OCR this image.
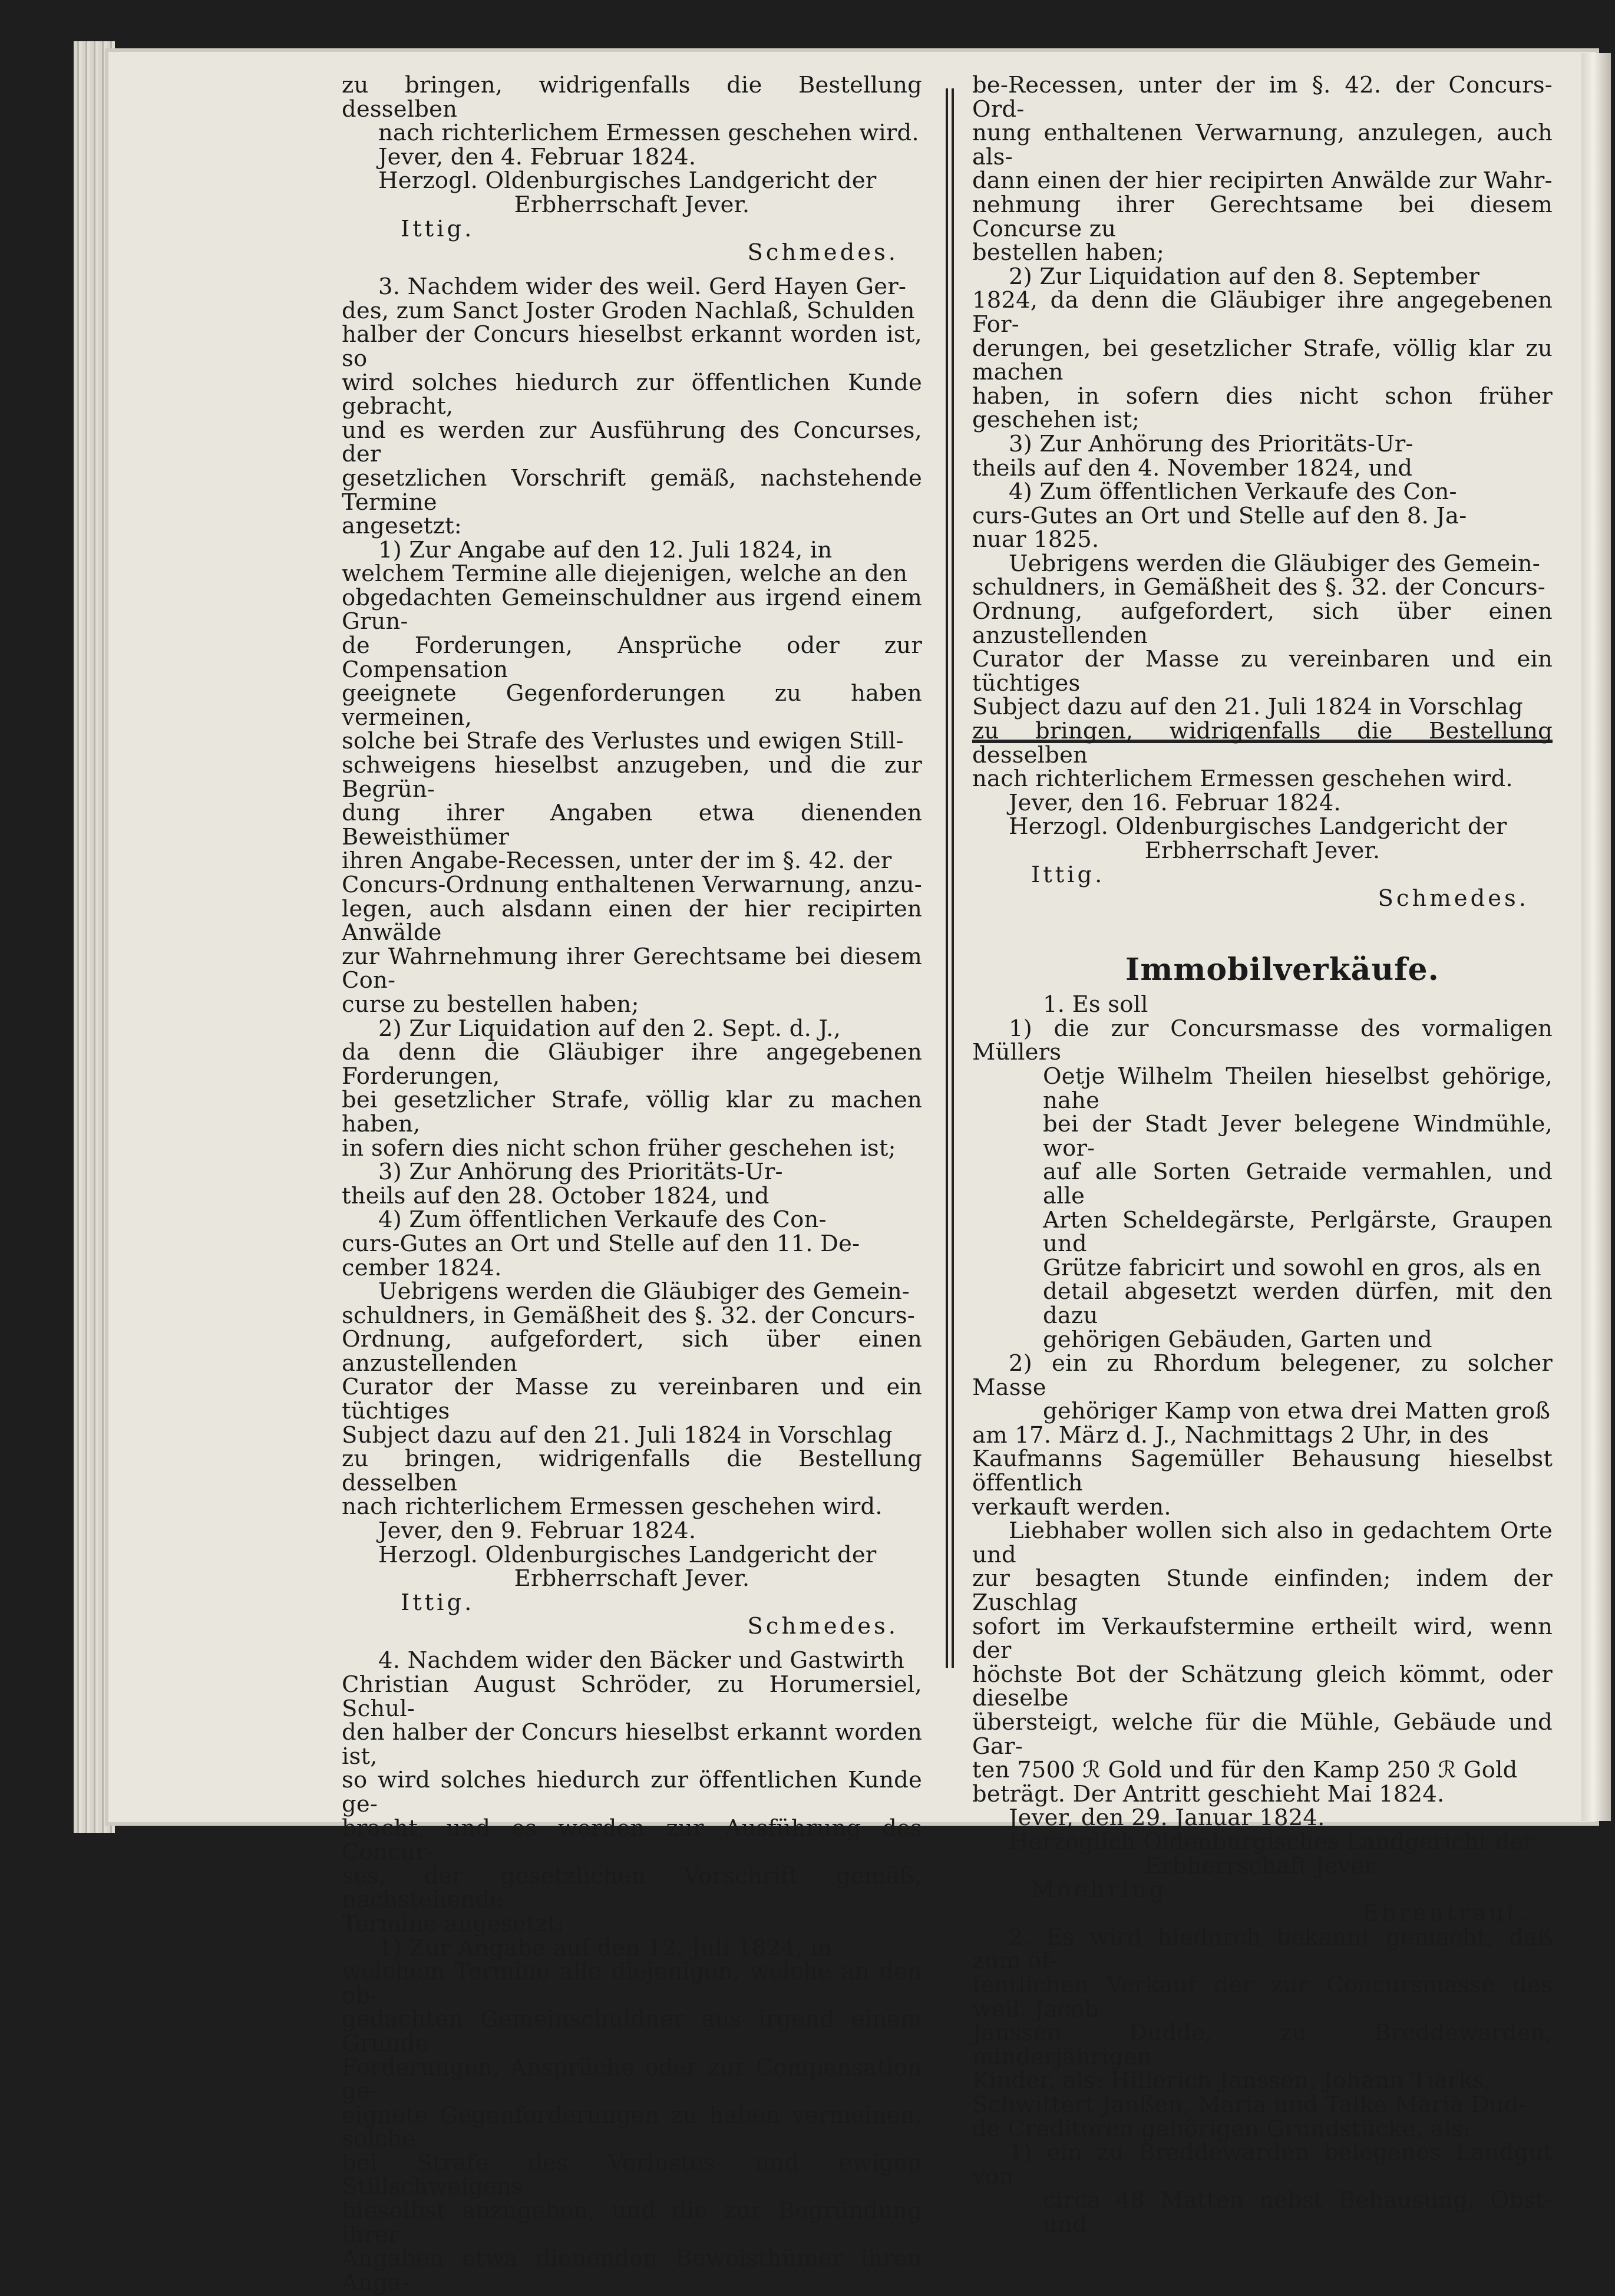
zu bringen, widrigenfalls die Bestellung desselben

nach richterlichem Ermessen geschehen wird.

Jever, den 4. Februar 1824.

Herzogl. Oldenburgisches Landgericht der

Erbherrschaft Jever.

Ittig.
Schmedes.

3. Nachdem wider des weil. Gerd Hayen Ger-

des, zum Sanct Joster Groden Nachlaß, Schulden

halber der Concurs hieselbst erkannt worden ist, so

wird solches hiedurch zur öffentlichen Kunde gebracht,

und es werden zur Ausführung des Concurses, der

gesetzlichen Vorschrift gemäß, nachstehende Termine

angesetzt:

1) Zur Angabe auf den 12. Juli 1824, in

welchem Termine alle diejenigen, welche an den

obgedachten Gemeinschuldner aus irgend einem Grun-

de Forderungen, Ansprüche oder zur Compensation

geeignete Gegenforderungen zu haben vermeinen,

solche bei Strafe des Verlustes und ewigen Still-

schweigens hieselbst anzugeben, und die zur Begrün-

dung ihrer Angaben etwa dienenden Beweisthümer

ihren Angabe-Recessen, unter der im §. 42. der

Concurs-Ordnung enthaltenen Verwarnung, anzu-

legen, auch alsdann einen der hier recipirten Anwälde

zur Wahrnehmung ihrer Gerechtsame bei diesem Con-

curse zu bestellen haben;

2) Zur Liquidation auf den 2. Sept. d. J.,

da denn die Gläubiger ihre angegebenen Forderungen,

bei gesetzlicher Strafe, völlig klar zu machen haben,

in sofern dies nicht schon früher geschehen ist;

3) Zur Anhörung des Prioritäts-Ur-

theils auf den 28. October 1824, und

4) Zum öffentlichen Verkaufe des Con-

curs-Gutes an Ort und Stelle auf den 11. De-

cember 1824.

Uebrigens werden die Gläubiger des Gemein-

schuldners, in Gemäßheit des §. 32. der Concurs-

Ordnung, aufgefordert, sich über einen anzustellenden

Curator der Masse zu vereinbaren und ein tüchtiges

Subject dazu auf den 21. Juli 1824 in Vorschlag

zu bringen, widrigenfalls die Bestellung desselben

nach richterlichem Ermessen geschehen wird.

Jever, den 9. Februar 1824.

Herzogl. Oldenburgisches Landgericht der

Erbherrschaft Jever.

Ittig.
Schmedes.

4. Nachdem wider den Bäcker und Gastwirth

Christian August Schröder, zu Horumersiel, Schul-

den halber der Concurs hieselbst erkannt worden ist,

so wird solches hiedurch zur öffentlichen Kunde ge-

bracht, und es werden zur Ausführung des Concur-

ses, der gesetzlichen Vorschrift gemäß, nachstehende

Termine angesetzt:

1) Zur Angabe auf den 12. Juli 1824, in

welchem Termine alle diejenigen, welche an den ob-

gedachten Gemeinschuldner aus irgend einem Grunde

Forderungen, Ansprüche oder zur Compensation ge-

eignete Gegenforderungen zu haben vermeinen, solche

bei Strafe des Verlustes und ewigen Stillschweigens

hieselbst anzugeben, und die zur Begründung ihrer

Angaben etwa dienenden Beweisthümer ihren Anga-

be-Recessen, unter der im §. 42. der Concurs-Ord-

nung enthaltenen Verwarnung, anzulegen, auch als-

dann einen der hier recipirten Anwälde zur Wahr-

nehmung ihrer Gerechtsame bei diesem Concurse zu

bestellen haben;

2) Zur Liquidation auf den 8. September

1824, da denn die Gläubiger ihre angegebenen For-

derungen, bei gesetzlicher Strafe, völlig klar zu machen

haben, in sofern dies nicht schon früher geschehen ist;

3) Zur Anhörung des Prioritäts-Ur-

theils auf den 4. November 1824, und

4) Zum öffentlichen Verkaufe des Con-

curs-Gutes an Ort und Stelle auf den 8. Ja-

nuar 1825.

Uebrigens werden die Gläubiger des Gemein-

schuldners, in Gemäßheit des §. 32. der Concurs-

Ordnung, aufgefordert, sich über einen anzustellenden

Curator der Masse zu vereinbaren und ein tüchtiges

Subject dazu auf den 21. Juli 1824 in Vorschlag

zu bringen, widrigenfalls die Bestellung desselben

nach richterlichem Ermessen geschehen wird.

Jever, den 16. Februar 1824.

Herzogl. Oldenburgisches Landgericht der

Erbherrschaft Jever.

Ittig.
Schmedes.
Immobilverkäufe.

1. Es soll

1) die zur Concursmasse des vormaligen Müllers

Oetje Wilhelm Theilen hieselbst gehörige, nahe

bei der Stadt Jever belegene Windmühle, wor-

auf alle Sorten Getraide vermahlen, und alle

Arten Scheldegärste, Perlgärste, Graupen und

Grütze fabricirt und sowohl en gros, als en

detail abgesetzt werden dürfen, mit den dazu

gehörigen Gebäuden, Garten und

2) ein zu Rhordum belegener, zu solcher Masse

gehöriger Kamp von etwa drei Matten groß

am 17. März d. J., Nachmittags 2 Uhr, in des

Kaufmanns Sagemüller Behausung hieselbst öffentlich

verkauft werden.

Liebhaber wollen sich also in gedachtem Orte und

zur besagten Stunde einfinden; indem der Zuschlag

sofort im Verkaufstermine ertheilt wird, wenn der

höchste Bot der Schätzung gleich kömmt, oder dieselbe

übersteigt, welche für die Mühle, Gebäude und Gar-

ten 7500 ℛ Gold und für den Kamp 250 ℛ Gold

beträgt. Der Antritt geschieht Mai 1824.

Jever, den 29. Januar 1824.

Herzoglich Oldenburgisches Landgericht der

Erbherrschaft Jever.

Moehring.
Ehrentraut.

2. Es wird hiedurch bekannt gemacht, daß zum öf-

fentlichen Verkauf der zur Concursmasse des weil. Jacob

Janssen Dudde, zu Breddewarden, minderjährigen

Kinder, als: Hillerich Janssen, Johann Tiarks,

Schwittert Janßen, Maria und Talke Maria Dud-

de Creditoren gehörigen Grundstücke, als:

1) ein zu Breddewarden belegenes Landgut von

circa 48 Matten nebst Behausung, Obst- und
